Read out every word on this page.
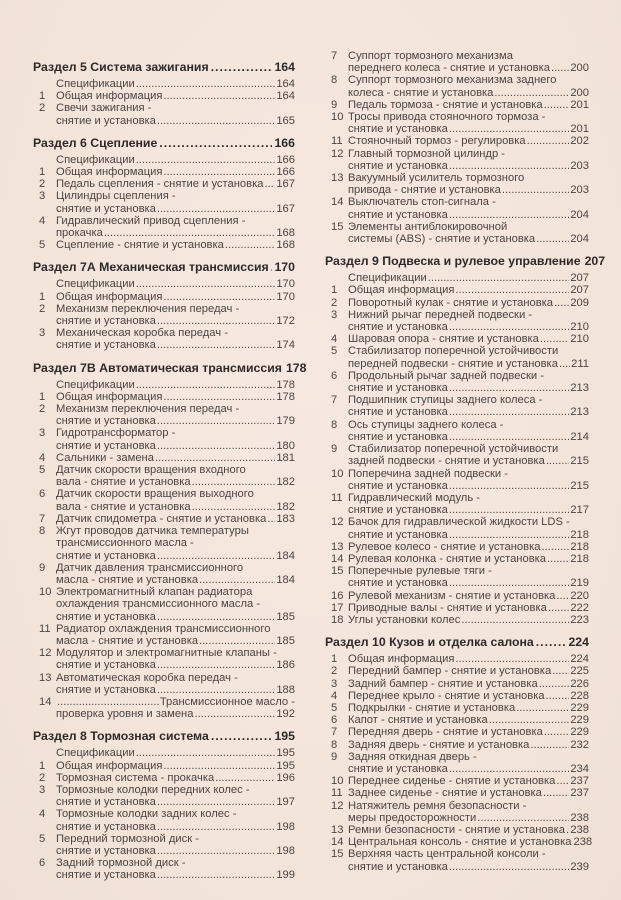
Раздел 5 Система зажигания .....	164
Спецификации .....	164
1 Общая информация .....	164
2 Свечи зажигания -
снятие и установка .....	165
Раздел 6 Сцепление .....	166
Спецификации .....	166
1 Общая информация .....	166
2 Педаль сцепления - снятие и установка ..... 167
3 Цилиндры сцепления -
снятие и установка .....	167
4 Гидравлический привод сцепления -
прокачка .....	168
5 Сцепление - снятие и установка .....	168
Раздел 7А Механическая трансмиссия ..... 170
Спецификации .....	170
1 Общая информация .....	170
2 Механизм переключения передач -
снятие и установка .....	172
3 Механическая коробка передач -
снятие и установка .....	174
Раздел 7В Автоматическая трансмиссия 178
Спецификации .....	178
1 Общая информация .....	178
2 Механизм переключения передач -
снятие и установка .....	179
3 Гидротрансформатор -
снятие и установка .....	180
4 Сальники - замена .....	181
5 Датчик скорости вращения входного
вала - снятие и установка .....	182
6 Датчик скорости вращения выходного
вала - снятие и установка .....	182
7 Датчик спидометра - снятие и установка ..... 183
8 Жгут проводов датчика температуры
трансмиссионного масла -
снятие и установка .....	184
9 Датчик давления трансмиссионного
масла - снятие и установка .....	184
10 Электромагнитный клапан радиатора
охлаждения трансмиссионного масла -
снятие и установка .....	185
11 Радиатор охлаждения трансмиссионного
масла - снятие и установка .....	185
12 Модулятор и электромагнитные клапаны -
снятие и установка .....	186
13 Автоматическая коробка передач -
снятие и установка .....	188
14 .....	Трансмиссионное масло -
проверка уровня и замена .....	192
Раздел 8 Тормозная система .....	195
Спецификации .....	195
1 Общая информация .....	195
2 Тормозная система - прокачка .....	196
3 Тормозные колодки передних колес -
снятие и установка .....	197
4 Тормозные колодки задних колес -
снятие и установка .....	198
5 Передний тормозной диск -
снятие и установка .....	198
6 Задний тормозной диск -
снятие и установка .....	199
7 Суппорт тормозного механизма
переднего колеса - снятие и установка ..... 200
8 Суппорт тормозного механизма заднего
колеса - снятие и установка .....	200
9 Педаль тормоза - снятие и установка ..... 201
10 Тросы привода стояночного тормоза -
снятие и установка .....	201
11 Стояночный тормоз - регулировка .....	202
12 Главный тормозной цилиндр -
снятие и установка .....	203
13 Вакуумный усилитель тормозного
привода - снятие и установка .....	203
14 Выключатель стоп-сигнала -
снятие и установка .....	204
15 Элементы антиблокировочной
системы (ABS) - снятие и установка .....	204
Раздел 9 Подвеска и рулевое управление 207
Спецификации .....	207
1 Общая информация .....	207
2 Поворотный кулак - снятие и установка ..... 209
3 Нижний рычаг передней подвески -
снятие и установка .....	210
4 Шаровая опора - снятие и установка .....	210
5 Стабилизатор поперечной устойчивости
передней подвески - снятие и установка ..... 211
6 Продольный рычаг задней подвески -
снятие и установка .....	213
7 Подшипник ступицы заднего колеса -
снятие и установка .....	213
8 Ось ступицы заднего колеса -
снятие и установка .....	214
9 Стабилизатор поперечной устойчивости
задней подвески - снятие и установка ..... 215
10 Поперечина задней подвески -
снятие и установка .....	215
11 Гидравлический модуль -
снятие и установка .....	217
12 Бачок для гидравлической жидкости LDS -
снятие и установка .....	218
13 Рулевое колесо - снятие и установка .....	218
14 Рулевая колонка - снятие и установка ..... 218
15 Поперечные рулевые тяги -
снятие и установка .....	219
16 Рулевой механизм - снятие и установка ..... 220
17 Приводные валы - снятие и установка ..... 222
18 Углы установки колес .....	223
Раздел 10 Кузов и отделка салона .....	224
1 Общая информация .....	224
2 Передний бампер - снятие и установка ..... 225
3 Задний бампер - снятие и установка .....	226
4 Переднее крыло - снятие и установка ..... 228
5 Подкрылки - снятие и установка .....	229
6 Капот - снятие и установка .....	229
7 Передняя дверь - снятие и установка ..... 229
8 Задняя дверь - снятие и установка .....	232
9 Задняя откидная дверь -
снятие и установка .....	234
10 Переднее сиденье - снятие и установка ..... 237
11 Заднее сиденье - снятие и установка .....	237
12 Натяжитель ремня безопасности -
меры предосторожности .....	238
13 Ремни безопасности - снятие и установка ..... 238
14 Центральная консоль - снятие и установка 238
15 Верхняя часть центральной консоли -
снятие и установка .....	239
